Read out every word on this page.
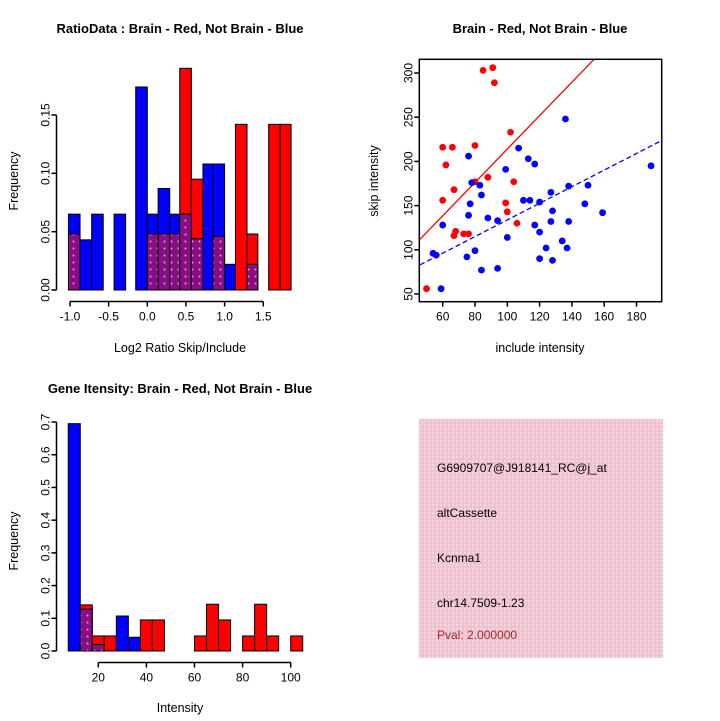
0.00
0.05
0.10
0.15
-1.0 -0.5 0.0 0.5 1.0 1.5
RatioData : Brain - Red, Not Brain - Blue
Log2 Ratio Skip/Include
Frequency
60 80 100 120 140 160 180
50
100
150
200
250
300
Brain - Red, Not Brain - Blue
include intensity
skip intensity
0.0
0.1
0.2
0.3
0.4
0.5
0.6
0.7
20	40	60	80	100
Gene Itensity: Brain - Red, Not Brain - Blue
Intensity
Frequency
G6909707@J918141_RC@j_at
altCassette
Kcnma1
chr14.7509-1.23
Pval: 2.000000
